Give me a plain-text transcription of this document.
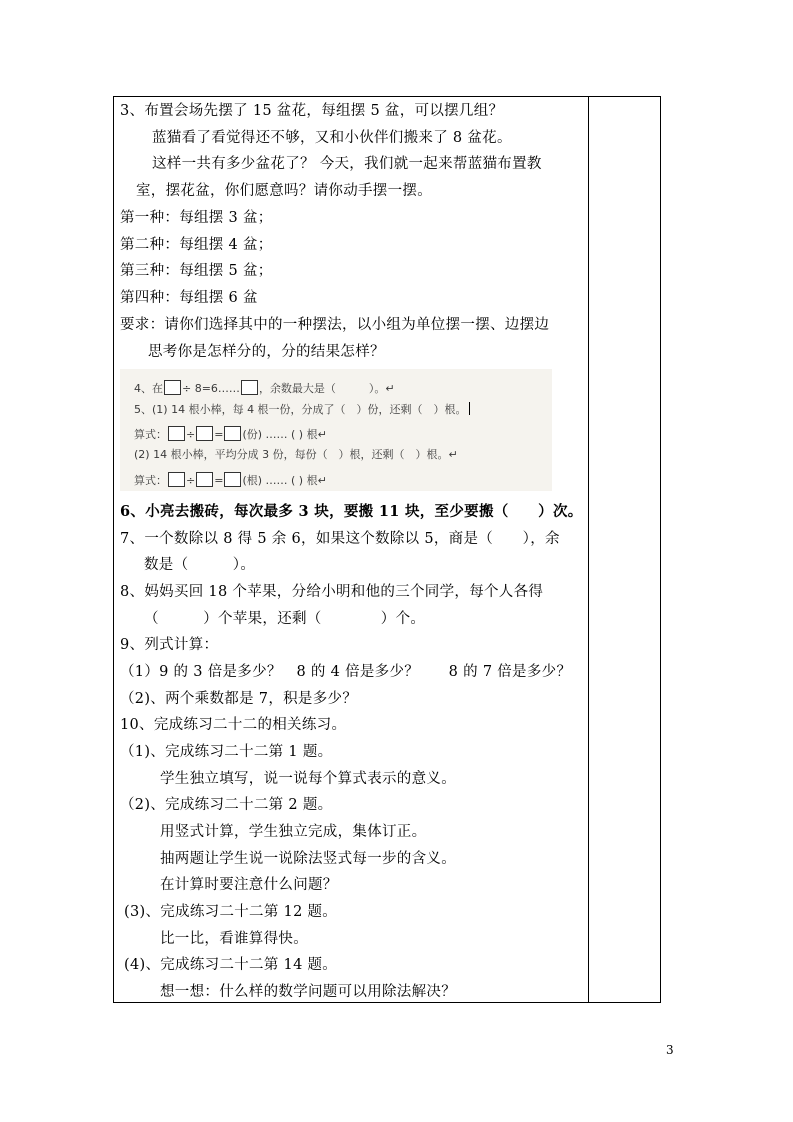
3、布置会场先摆了 15 盆花，每组摆 5 盆，可以摆几组？
蓝猫看了看觉得还不够，又和小伙伴们搬来了 8 盆花。
这样一共有多少盆花了？ 今天，我们就一起来帮蓝猫布置教
室，摆花盆，你们愿意吗？请你动手摆一摆。
第一种：每组摆 3 盆；
第二种：每组摆 4 盆；
第三种：每组摆 5 盆；
第四种：每组摆 6 盆
要求：请你们选择其中的一种摆法，以小组为单位摆一摆、边摆边
思考你是怎样分的，分的结果怎样？
4、在 ÷ 8=6…… ，余数最大是（　　　）。↵
5、(1) 14 根小棒，每 4 根一份，分成了（　）份，还剩（　）根。
算式： ÷ = (份) …… ( ) 根↵
(2) 14 根小棒，平均分成 3 份，每份（　）根，还剩（　）根。↵
算式： ÷ = (根) …… ( ) 根↵
6、小亮去搬砖，每次最多 3 块，要搬 11 块，至少要搬（　　）次。
7、一个数除以 8 得 5 余 6，如果这个数除以 5，商是（　　），余
数是（　　　）。
8、妈妈买回 18 个苹果，分给小明和他的三个同学，每个人各得
（　　　）个苹果，还剩（　　　　）个。
9、列式计算：
（1）9 的 3 倍是多少？　8 的 4 倍是多少？　　8 的 7 倍是多少？
（2)、两个乘数都是 7，积是多少？
10、完成练习二十二的相关练习。
（1)、完成练习二十二第 1 题。
学生独立填写，说一说每个算式表示的意义。
（2)、完成练习二十二第 2 题。
用竖式计算，学生独立完成，集体订正。
抽两题让学生说一说除法竖式每一步的含义。
在计算时要注意什么问题？
(3)、完成练习二十二第 12 题。
比一比，看谁算得快。
(4)、完成练习二十二第 14 题。
想一想：什么样的数学问题可以用除法解决？
3
